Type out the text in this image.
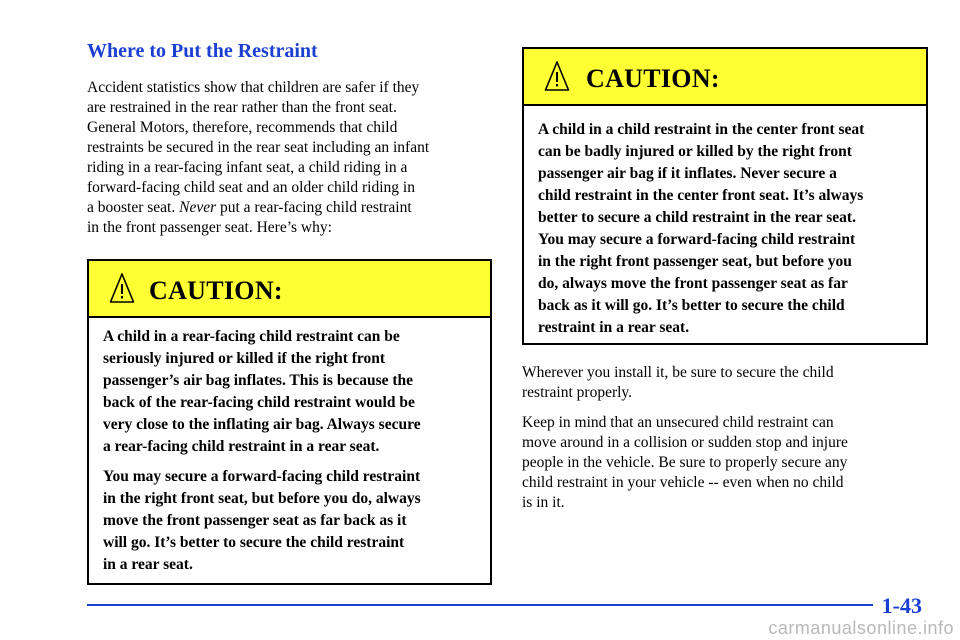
Where to Put the Restraint

Accident statistics show that children are safer if they
are restrained in the rear rather than the front seat.
General Motors, therefore, recommends that child
restraints be secured in the rear seat including an infant
riding in a rear-facing infant seat, a child riding in a
forward-facing child seat and an older child riding in
a booster seat. Never put a rear-facing child restraint
in the front passenger seat. Here’s why:

CAUTION:

A child in a rear-facing child restraint can be
seriously injured or killed if the right front
passenger’s air bag inflates. This is because the
back of the rear-facing child restraint would be
very close to the inflating air bag. Always secure
a rear-facing child restraint in a rear seat.

You may secure a forward-facing child restraint
in the right front seat, but before you do, always
move the front passenger seat as far back as it
will go. It’s better to secure the child restraint
in a rear seat.

CAUTION:

A child in a child restraint in the center front seat
can be badly injured or killed by the right front
passenger air bag if it inflates. Never secure a
child restraint in the center front seat. It’s always
better to secure a child restraint in the rear seat.
You may secure a forward-facing child restraint
in the right front passenger seat, but before you
do, always move the front passenger seat as far
back as it will go. It’s better to secure the child
restraint in a rear seat.

Wherever you install it, be sure to secure the child
restraint properly.

Keep in mind that an unsecured child restraint can
move around in a collision or sudden stop and injure
people in the vehicle. Be sure to properly secure any
child restraint in your vehicle -- even when no child
is in it.

1-43
carmanualsonline.info
